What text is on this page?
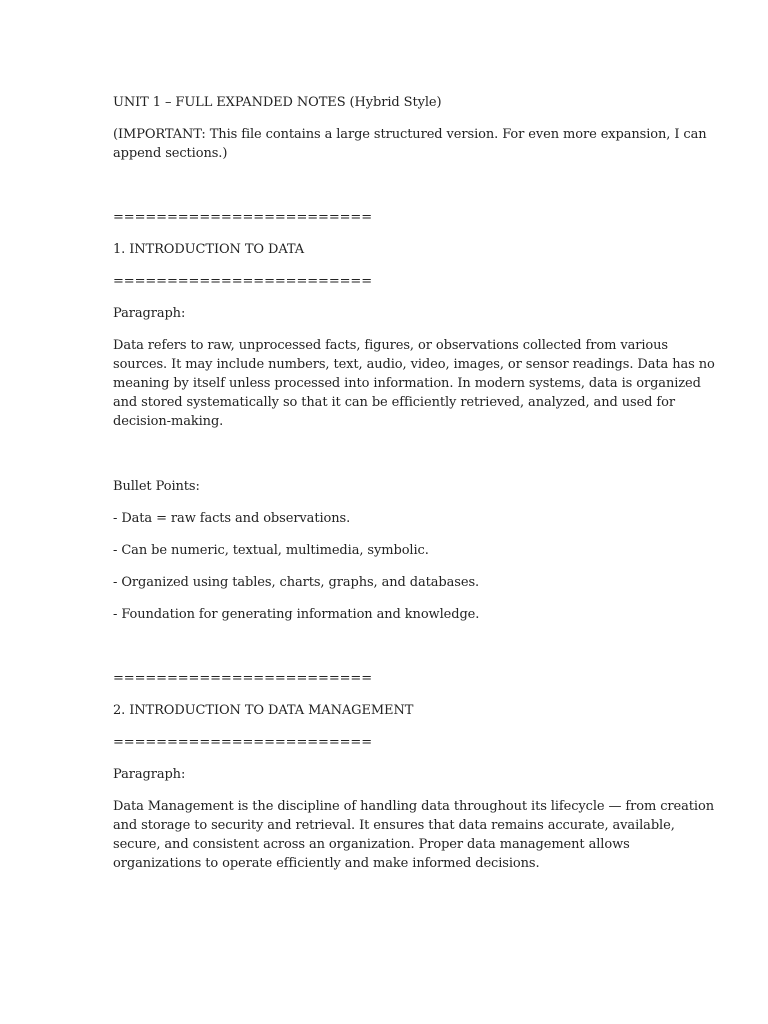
UNIT 1 – FULL EXPANDED NOTES (Hybrid Style)
(IMPORTANT: This file contains a large structured version. For even more expansion, I can
append sections.)
========================
1. INTRODUCTION TO DATA
========================
Paragraph:
Data refers to raw, unprocessed facts, figures, or observations collected from various
sources. It may include numbers, text, audio, video, images, or sensor readings. Data has no
meaning by itself unless processed into information. In modern systems, data is organized
and stored systematically so that it can be efficiently retrieved, analyzed, and used for
decision-making.
Bullet Points:
- Data = raw facts and observations.
- Can be numeric, textual, multimedia, symbolic.
- Organized using tables, charts, graphs, and databases.
- Foundation for generating information and knowledge.
========================
2. INTRODUCTION TO DATA MANAGEMENT
========================
Paragraph:
Data Management is the discipline of handling data throughout its lifecycle — from creation
and storage to security and retrieval. It ensures that data remains accurate, available,
secure, and consistent across an organization. Proper data management allows
organizations to operate efficiently and make informed decisions.
